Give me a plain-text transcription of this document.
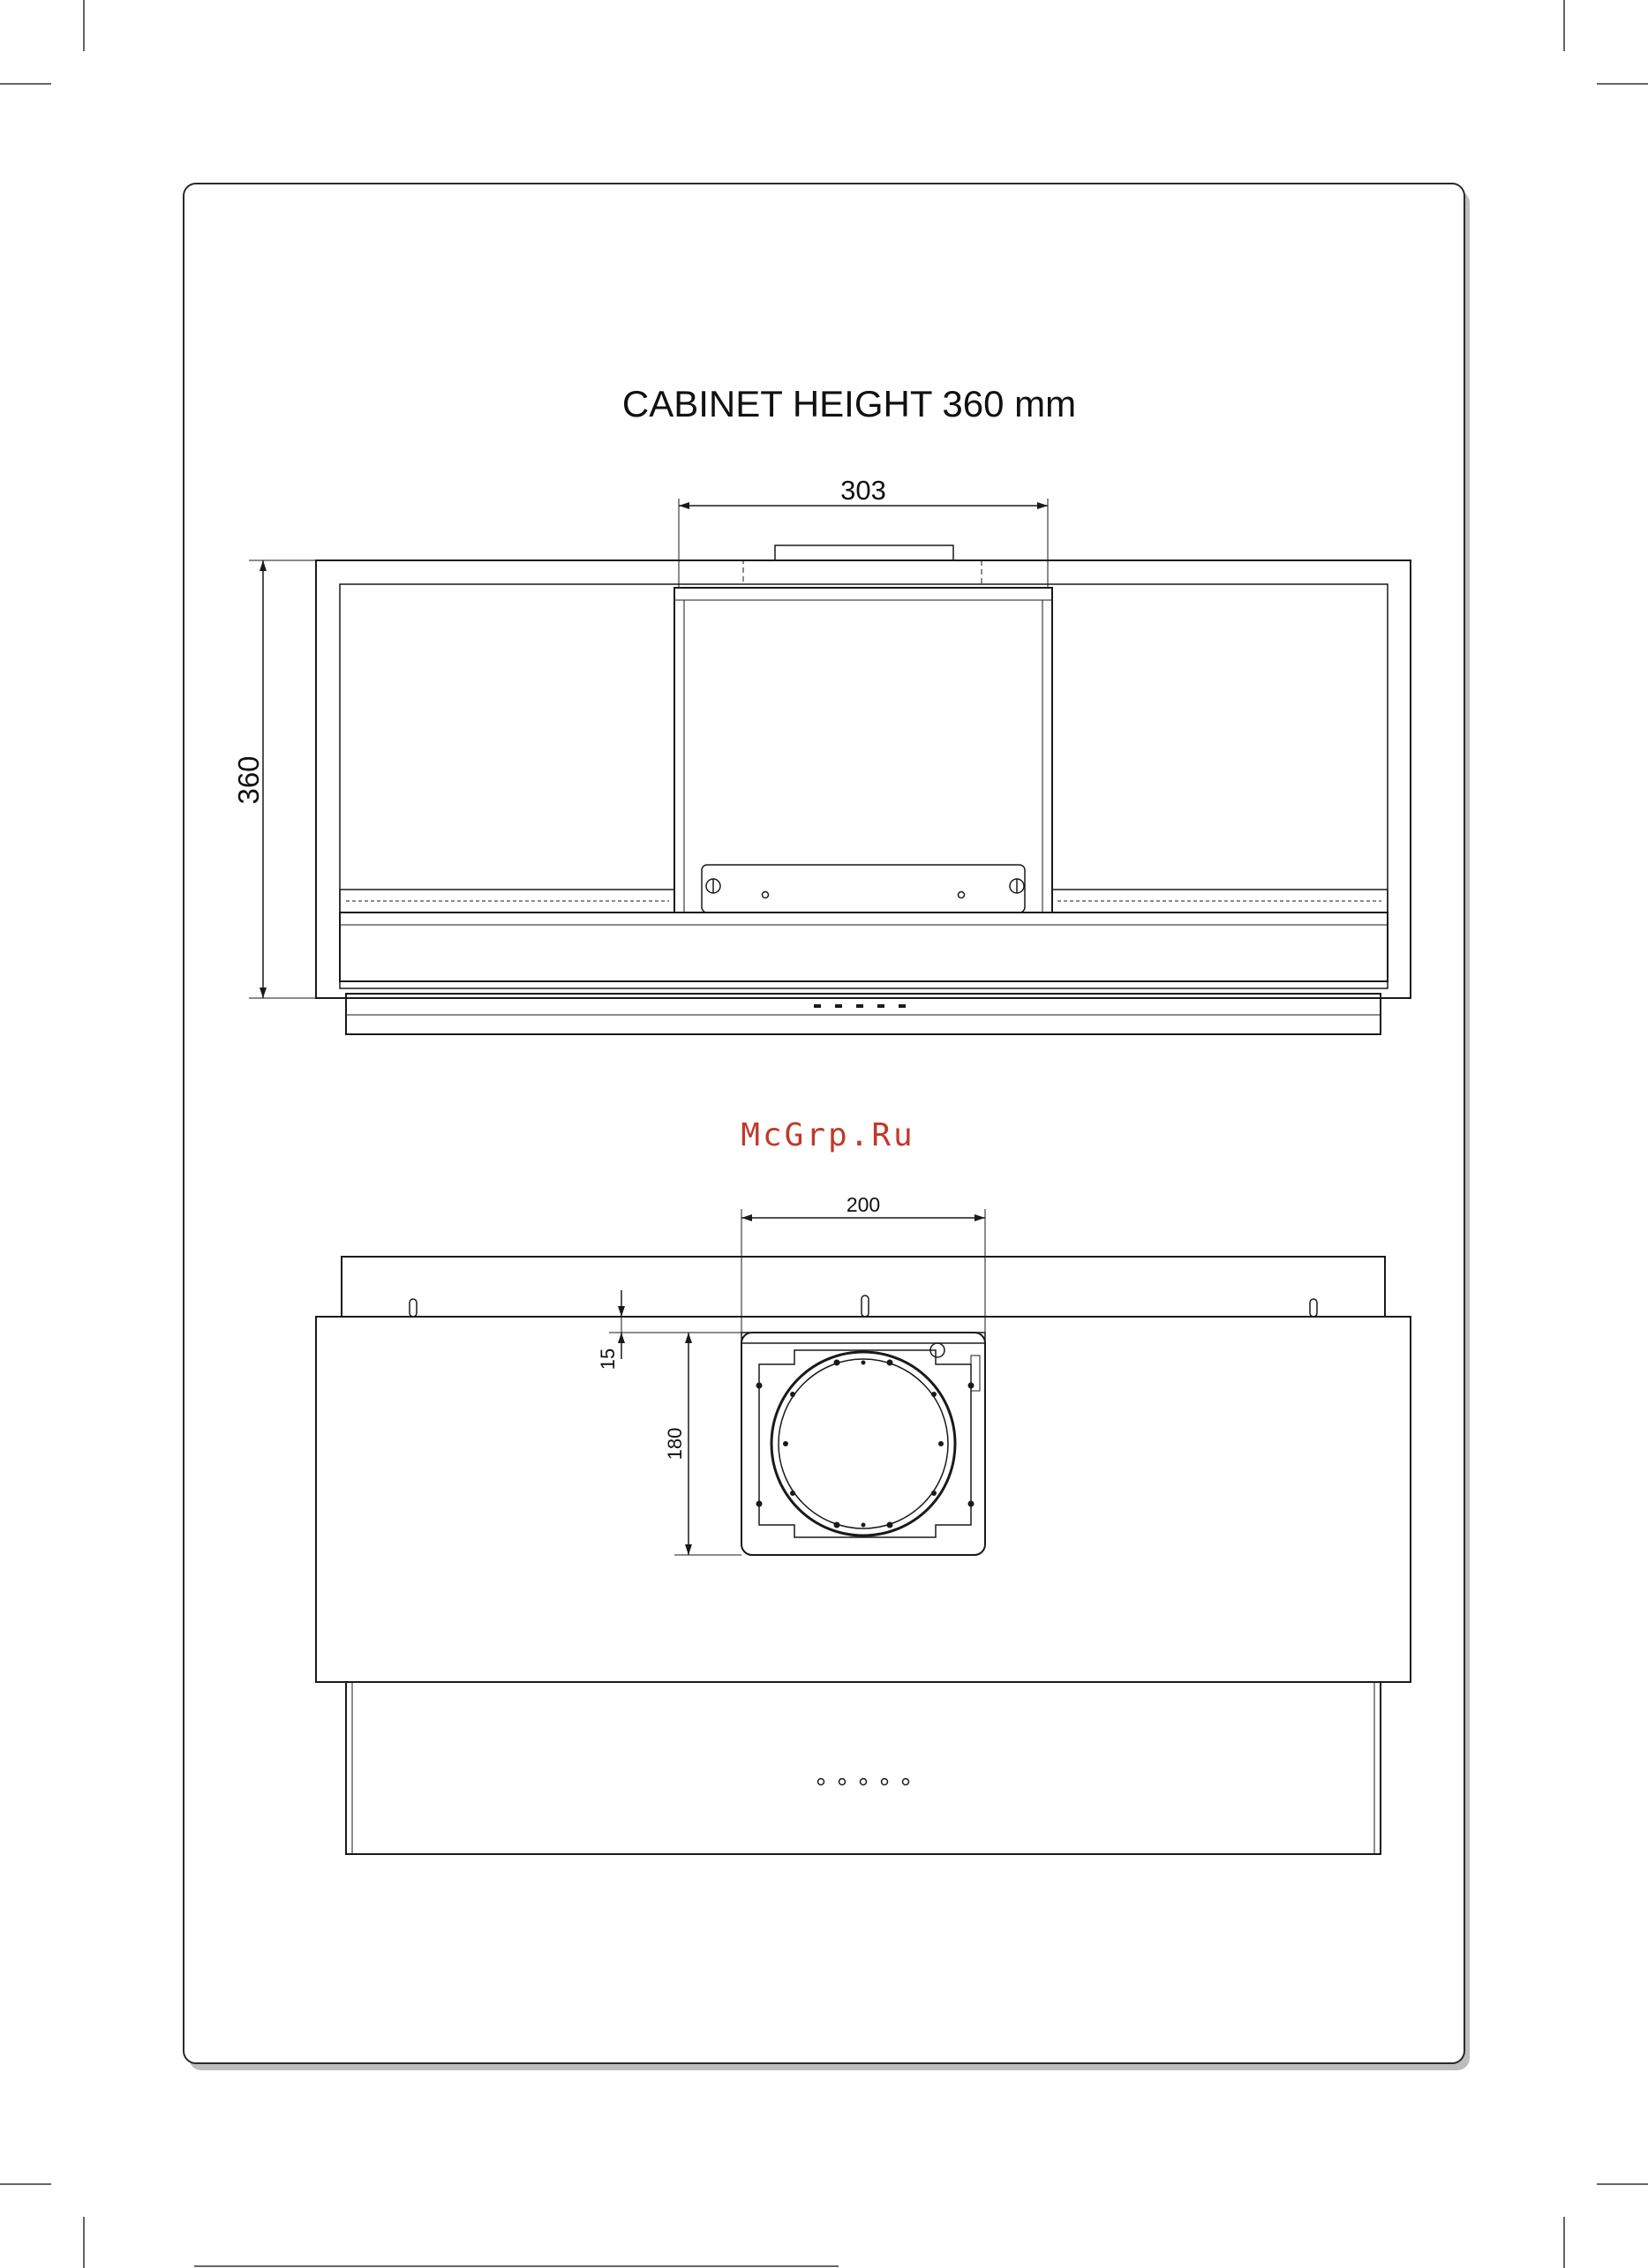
CABINET HEIGHT 360 mm
303
360
McGrp.Ru
200
15
180
